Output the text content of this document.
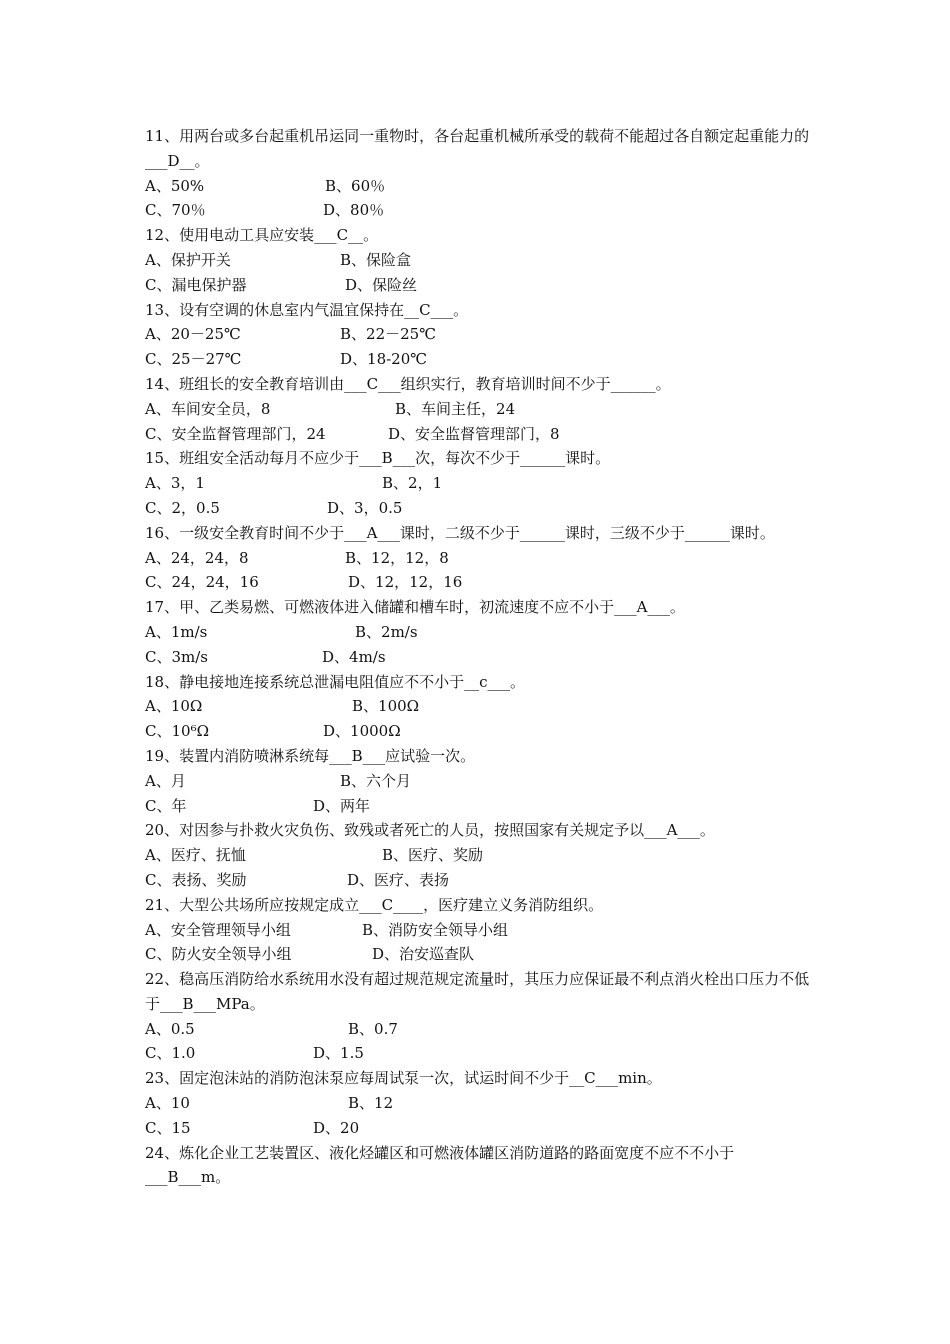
11、用两台或多台起重机吊运同一重物时，各台起重机械所承受的载荷不能超过各自额定起重能力的___D__。
A、50%	B、60％
C、70％	D、80％
12、使用电动工具应安装___C__。
A、保护开关	B、保险盒
C、漏电保护器	D、保险丝
13、设有空调的休息室内气温宜保持在__C___。
A、20－25℃	B、22－25℃
C、25－27℃	D、18-20℃
14、班组长的安全教育培训由___C___组织实行，教育培训时间不少于______。
A、车间安全员，8	B、车间主任，24
C、安全监督管理部门，24	D、安全监督管理部门，8
15、班组安全活动每月不应少于___B___次，每次不少于______课时。
A、3，1	B、2，1
C、2，0.5	D、3，0.5
16、一级安全教育时间不少于___A___课时，二级不少于______课时，三级不少于______课时。
A、24，24，8	B、12，12，8
C、24，24，16	D、12，12，16
17、甲、乙类易燃、可燃液体进入储罐和槽车时，初流速度不应不小于___A___。
A、1m/s	B、2m/s
C、3m/s	D、4m/s
18、静电接地连接系统总泄漏电阻值应不不小于__c___。
A、10Ω	B、100Ω
C、10⁶Ω	D、1000Ω
19、装置内消防喷淋系统每___B___应试验一次。
A、月	B、六个月
C、年	D、两年
20、对因参与扑救火灾负伤、致残或者死亡的人员，按照国家有关规定予以___A___。
A、医疗、抚恤	B、医疗、奖励
C、表扬、奖励	D、医疗、表扬
21、大型公共场所应按规定成立___C____，医疗建立义务消防组织。
A、安全管理领导小组	B、消防安全领导小组
C、防火安全领导小组	D、治安巡查队
22、稳高压消防给水系统用水没有超过规范规定流量时，其压力应保证最不利点消火栓出口压力不低于___B___MPa。
A、0.5	B、0.7
C、1.0	D、1.5
23、固定泡沫站的消防泡沫泵应每周试泵一次，试运时间不少于__C___min。
A、10	B、12
C、15	D、20
24、炼化企业工艺装置区、液化烃罐区和可燃液体罐区消防道路的路面宽度不应不不小于___B___m。
